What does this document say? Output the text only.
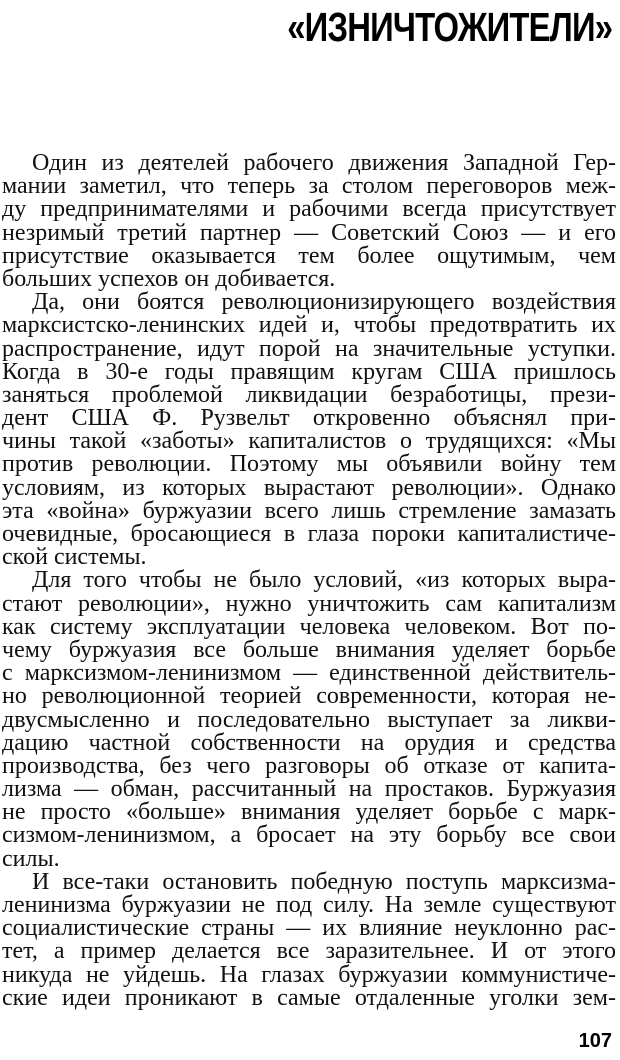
«ИЗНИЧТОЖИТЕЛИ»
Один из деятелей рабочего движения Западной Гер-
мании заметил, что теперь за столом переговоров меж-
ду предпринимателями и рабочими всегда присутствует
незримый третий партнер — Советский Союз — и его
присутствие оказывается тем более ощутимым, чем
больших успехов он добивается.
Да, они боятся революционизирующего воздействия
марксистско-ленинских идей и, чтобы предотвратить их
распространение, идут порой на значительные уступки.
Когда в 30-е годы правящим кругам США пришлось
заняться проблемой ликвидации безработицы, прези-
дент США Ф. Рузвельт откровенно объяснял при-
чины такой «заботы» капиталистов о трудящихся: «Мы
против революции. Поэтому мы объявили войну тем
условиям, из которых вырастают революции». Однако
эта «война» буржуазии всего лишь стремление замазать
очевидные, бросающиеся в глаза пороки капиталистиче-
ской системы.
Для того чтобы не было условий, «из которых выра-
стают революции», нужно уничтожить сам капитализм
как систему эксплуатации человека человеком. Вот по-
чему буржуазия все больше внимания уделяет борьбе
с марксизмом-ленинизмом — единственной действитель-
но революционной теорией современности, которая не-
двусмысленно и последовательно выступает за ликви-
дацию частной собственности на орудия и средства
производства, без чего разговоры об отказе от капита-
лизма — обман, рассчитанный на простаков. Буржуазия
не просто «больше» внимания уделяет борьбе с марк-
сизмом-ленинизмом, а бросает на эту борьбу все свои
силы.
И все-таки остановить победную поступь марксизма-
ленинизма буржуазии не под силу. На земле существуют
социалистические страны — их влияние неуклонно рас-
тет, а пример делается все заразительнее. И от этого
никуда не уйдешь. На глазах буржуазии коммунистиче-
ские идеи проникают в самые отдаленные уголки зем-
107
